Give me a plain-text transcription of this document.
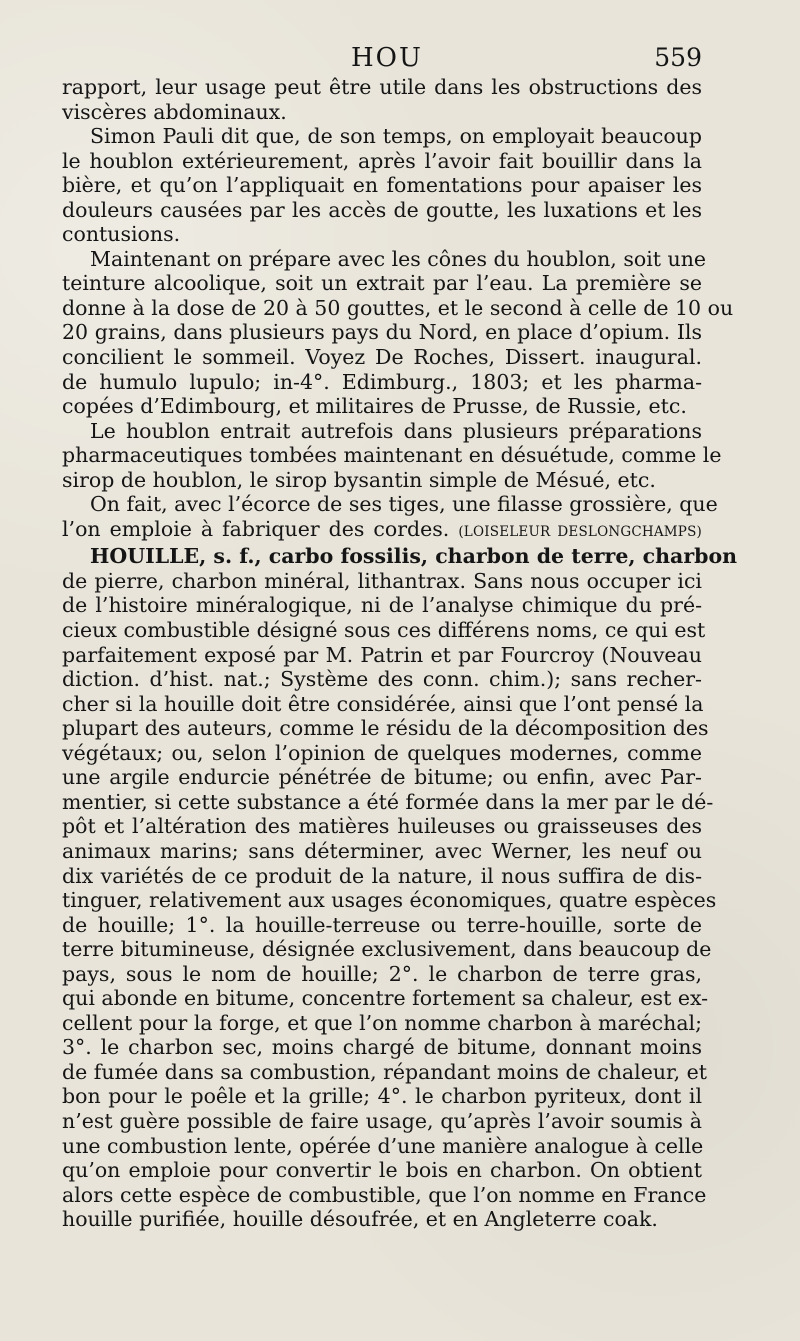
HOU	559
rapport, leur usage peut être utile dans les obstructions des
viscères abdominaux.
Simon Pauli dit que, de son temps, on employait beaucoup
le houblon extérieurement, après l’avoir fait bouillir dans la
bière, et qu’on l’appliquait en fomentations pour apaiser les
douleurs causées par les accès de goutte, les luxations et les
contusions.
Maintenant on prépare avec les cônes du houblon, soit une
teinture alcoolique, soit un extrait par l’eau. La première se
donne à la dose de 20 à 50 gouttes, et le second à celle de 10 ou
20 grains, dans plusieurs pays du Nord, en place d’opium. Ils
concilient le sommeil. Voyez De Roches, Dissert. inaugural.
de humulo lupulo; in-4°. Edimburg., 1803; et les pharma-
copées d’Edimbourg, et militaires de Prusse, de Russie, etc.
Le houblon entrait autrefois dans plusieurs préparations
pharmaceutiques tombées maintenant en désuétude, comme le
sirop de houblon, le sirop bysantin simple de Mésué, etc.
On fait, avec l’écorce de ses tiges, une filasse grossière, que
l’on emploie à fabriquer des cordes. (LOISELEUR DESLONGCHAMPS)
HOUILLE, s. f., carbo fossilis, charbon de terre, charbon
de pierre, charbon minéral, lithantrax. Sans nous occuper ici
de l’histoire minéralogique, ni de l’analyse chimique du pré-
cieux combustible désigné sous ces différens noms, ce qui est
parfaitement exposé par M. Patrin et par Fourcroy (Nouveau
diction. d’hist. nat.; Système des conn. chim.); sans recher-
cher si la houille doit être considérée, ainsi que l’ont pensé la
plupart des auteurs, comme le résidu de la décomposition des
végétaux; ou, selon l’opinion de quelques modernes, comme
une argile endurcie pénétrée de bitume; ou enfin, avec Par-
mentier, si cette substance a été formée dans la mer par le dé-
pôt et l’altération des matières huileuses ou graisseuses des
animaux marins; sans déterminer, avec Werner, les neuf ou
dix variétés de ce produit de la nature, il nous suffira de dis-
tinguer, relativement aux usages économiques, quatre espèces
de houille; 1°. la houille-terreuse ou terre-houille, sorte de
terre bitumineuse, désignée exclusivement, dans beaucoup de
pays, sous le nom de houille; 2°. le charbon de terre gras,
qui abonde en bitume, concentre fortement sa chaleur, est ex-
cellent pour la forge, et que l’on nomme charbon à maréchal;
3°. le charbon sec, moins chargé de bitume, donnant moins
de fumée dans sa combustion, répandant moins de chaleur, et
bon pour le poêle et la grille; 4°. le charbon pyriteux, dont il
n’est guère possible de faire usage, qu’après l’avoir soumis à
une combustion lente, opérée d’une manière analogue à celle
qu’on emploie pour convertir le bois en charbon. On obtient
alors cette espèce de combustible, que l’on nomme en France
houille purifiée, houille désoufrée, et en Angleterre coak.
